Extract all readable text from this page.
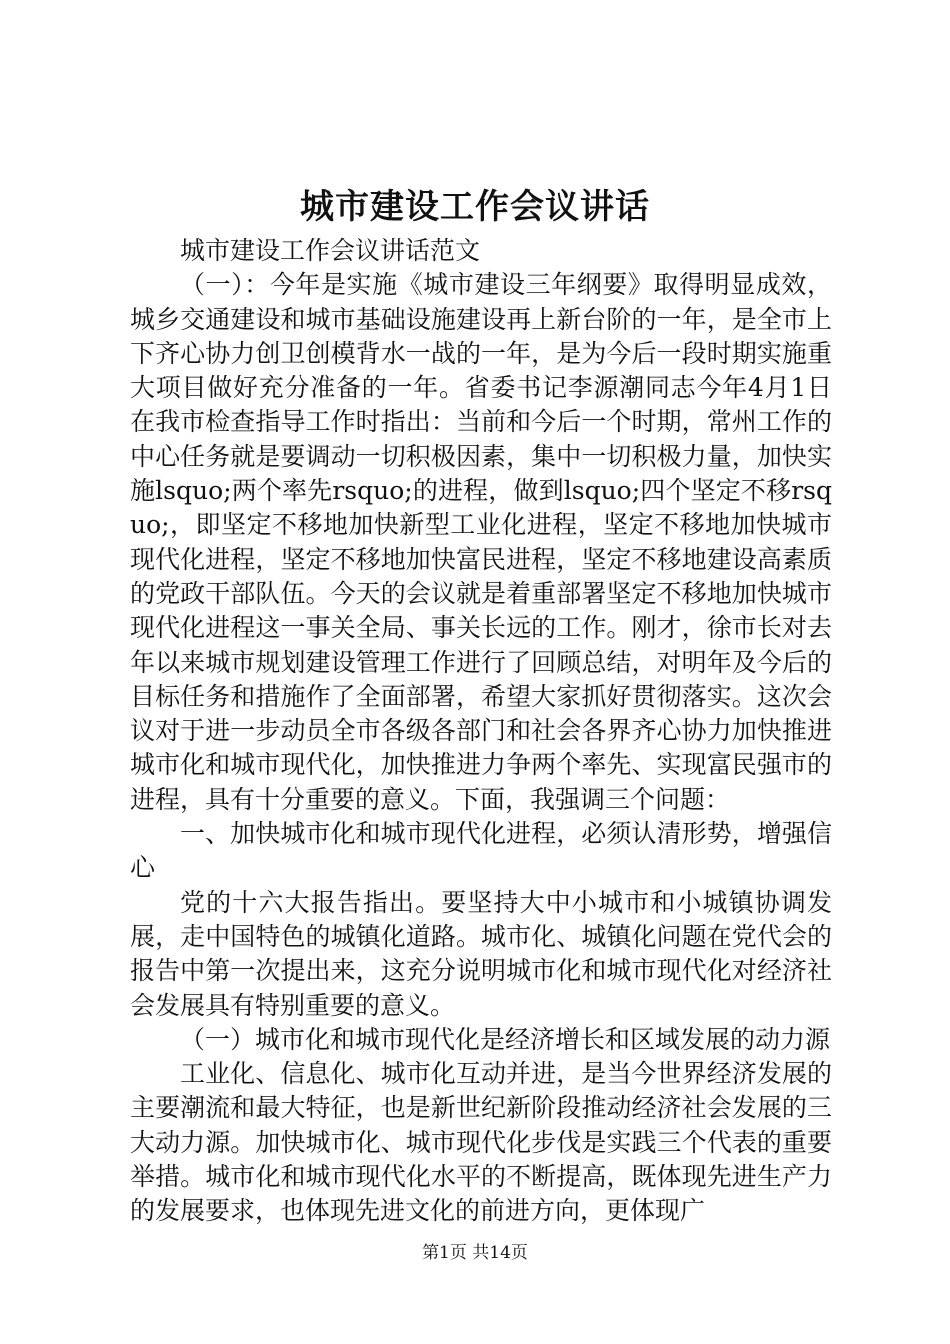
城市建设工作会议讲话

城市建设工作会议讲话范文

（一）：今年是实施《城市建设三年纲要》取得明显成效，城乡交通建设和城市基础设施建设再上新台阶的一年，是全市上下齐心协力创卫创模背水一战的一年，是为今后一段时期实施重大项目做好充分准备的一年。省委书记李源潮同志今年4月1日在我市检查指导工作时指出：当前和今后一个时期，常州工作的中心任务就是要调动一切积极因素，集中一切积极力量，加快实施lsquo;两个率先rsquo;的进程，做到lsquo;四个坚定不移rsquo;，即坚定不移地加快新型工业化进程，坚定不移地加快城市现代化进程，坚定不移地加快富民进程，坚定不移地建设高素质的党政干部队伍。今天的会议就是着重部署坚定不移地加快城市现代化进程这一事关全局、事关长远的工作。刚才，徐市长对去年以来城市规划建设管理工作进行了回顾总结，对明年及今后的目标任务和措施作了全面部署，希望大家抓好贯彻落实。这次会议对于进一步动员全市各级各部门和社会各界齐心协力加快推进城市化和城市现代化，加快推进力争两个率先、实现富民强市的进程，具有十分重要的意义。下面，我强调三个问题：

一、加快城市化和城市现代化进程，必须认清形势，增强信心

党的十六大报告指出。要坚持大中小城市和小城镇协调发展，走中国特色的城镇化道路。城市化、城镇化问题在党代会的报告中第一次提出来，这充分说明城市化和城市现代化对经济社会发展具有特别重要的意义。

（一）城市化和城市现代化是经济增长和区域发展的动力源

工业化、信息化、城市化互动并进，是当今世界经济发展的主要潮流和最大特征，也是新世纪新阶段推动经济社会发展的三大动力源。加快城市化、城市现代化步伐是实践三个代表的重要举措。城市化和城市现代化水平的不断提高，既体现先进生产力的发展要求，也体现先进文化的前进方向，更体现广

第1页 共14页
